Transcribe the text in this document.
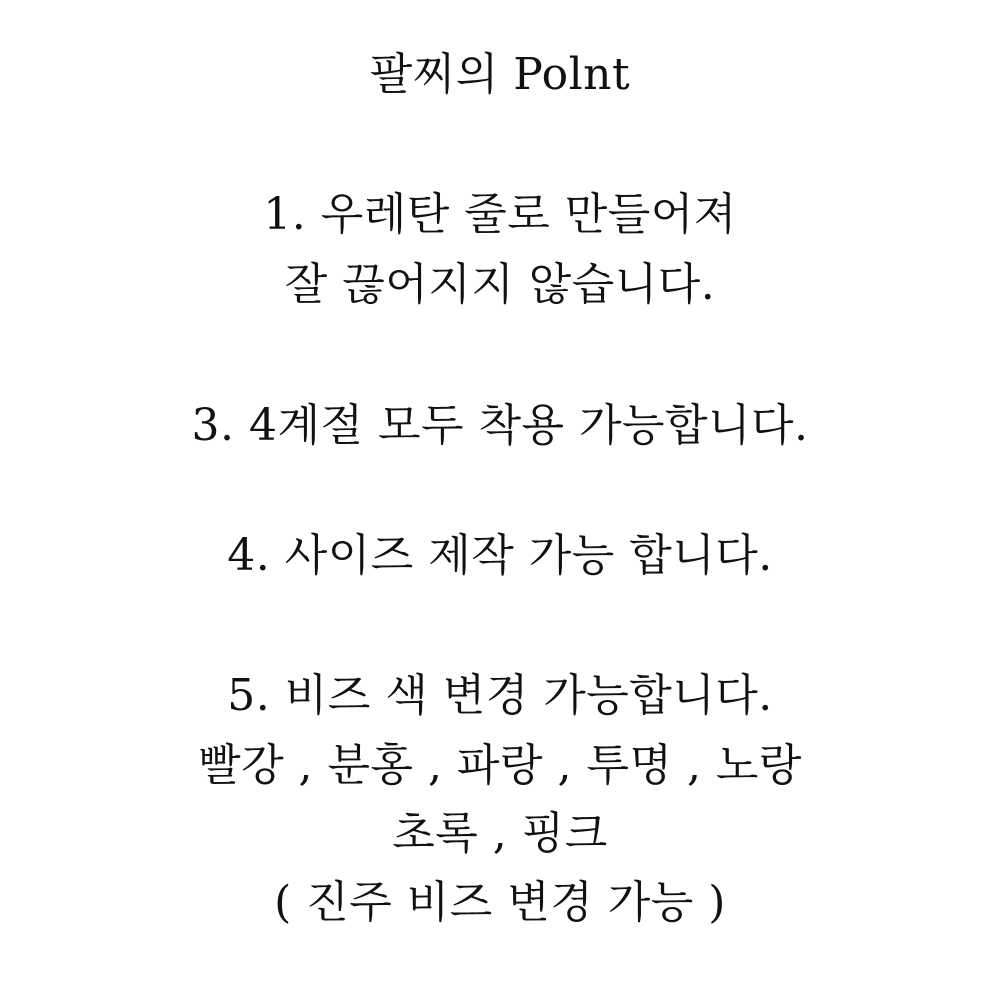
팔찌의 Polnt
1. 우레탄 줄로 만들어져
잘 끊어지지 않습니다.
3. 4계절 모두 착용 가능합니다.
4. 사이즈 제작 가능 합니다.
5. 비즈 색 변경 가능합니다.
빨강 , 분홍 , 파랑 , 투명 , 노랑
초록 , 핑크
( 진주 비즈 변경 가능 )
